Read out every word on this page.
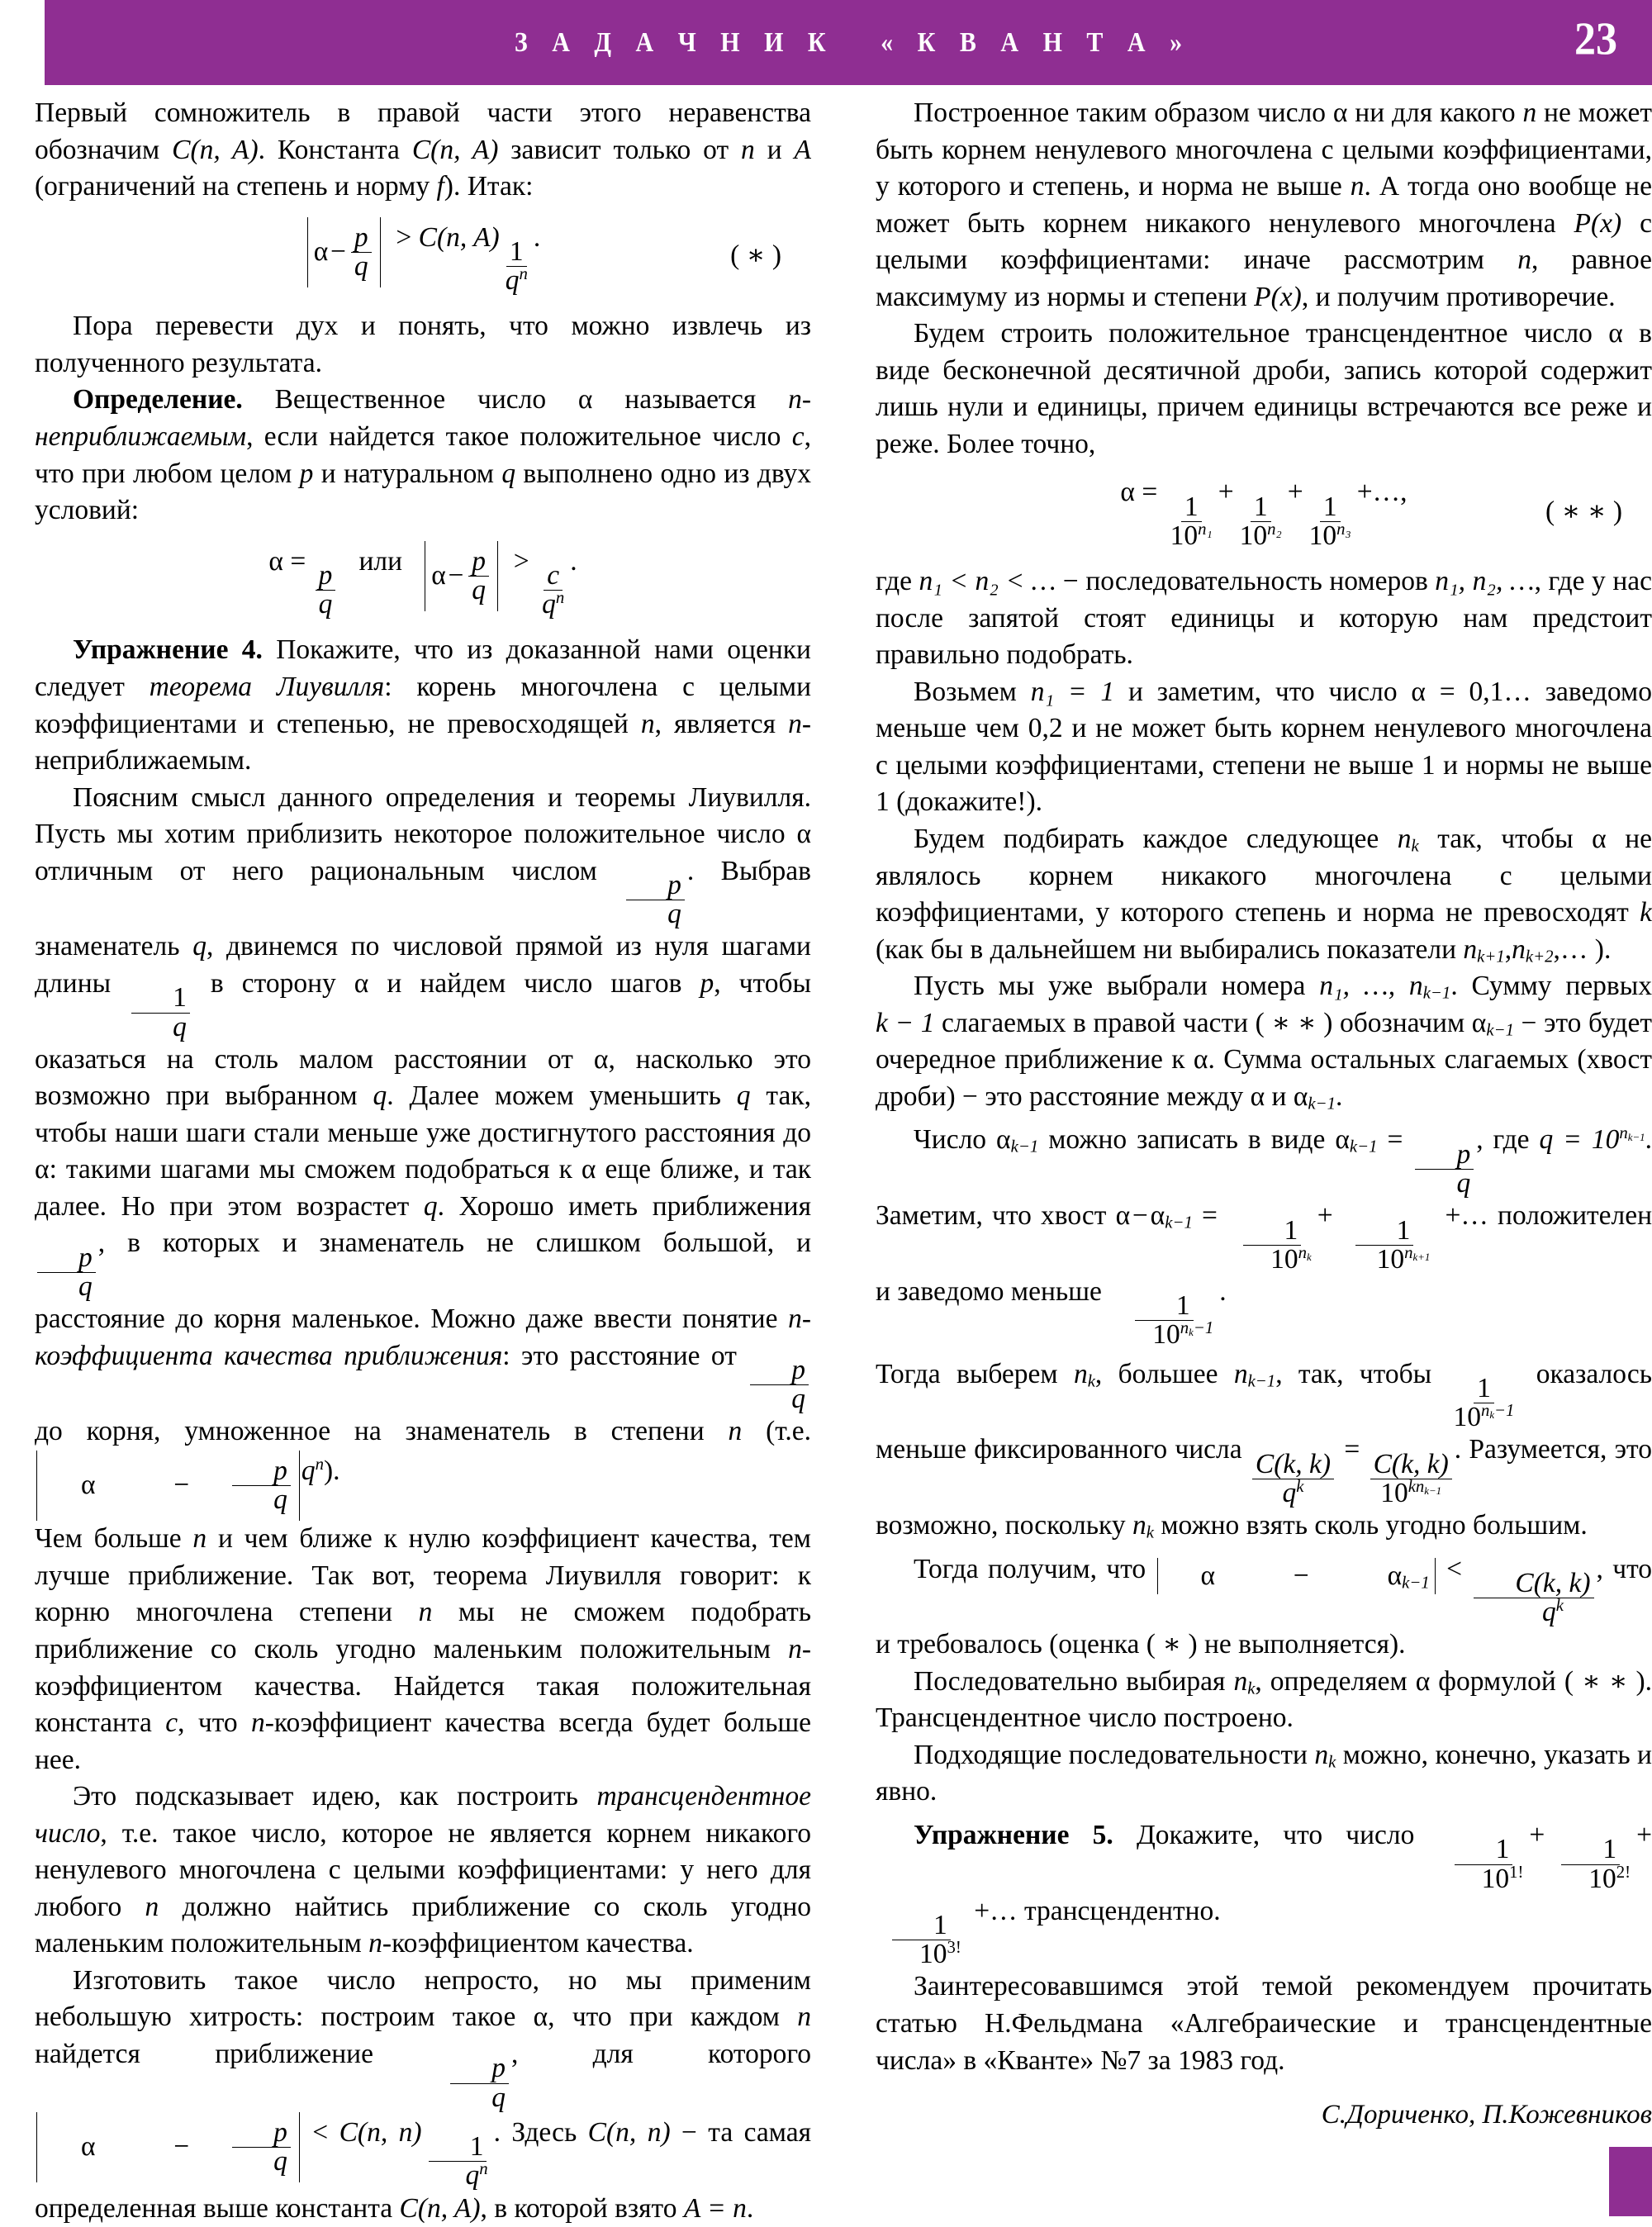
З А Д А Ч Н И К   « К В А Н Т А »	23

Первый сомножитель в правой части этого неравенства обозначим C(n, A). Константа C(n, A) зависит только от n и A (ограничений на степень и норму f). Итак:

α
  −
  $\frac{p}{q} > C(n$, A)
$\frac{1}{q^n}$
.
( ∗ )

Пора перевести дух и понять, что можно извлечь из полученного результата.

Определение. Вещественное число α называется n-неприближаемым, если найдется такое положительное число c, что при любом целом p и натуральном q выполнено одно из двух условий:

α =
$\frac{p}{q}$
или α
  −
  $\frac{p}{q}$ >
$\frac{c}{q^n}$
.

Упражнение 4. Покажите, что из доказанной нами оценки следует теорема Лиувилля: корень многочлена с целыми коэффициентами и степенью, не превосходящей n, является n-неприближаемым.

Поясним смысл данного определения и теоремы Лиувилля. Пусть мы хотим приблизить некоторое положительное число α отличным от него рациональным числом
$\frac{p}{q}$
. Выбрав знаменатель q, двинемся по числовой прямой из нуля шагами длины
$\frac{1}{q}$
в сторону α и найдем число шагов p, чтобы оказаться на столь малом расстоянии от α, насколько это возможно при выбранном q. Далее можем уменьшить q так, чтобы наши шаги стали меньше уже достигнутого расстояния до α: такими шагами мы сможем подобраться к α еще ближе, и так далее. Но при этом возрастет q. Хорошо иметь приближения
$\frac{p}{q}$
, в которых и знаменатель не слишком большой, и расстояние до корня маленькое. Можно даже ввести понятие n-коэффициента качества приближения: это расстояние от
$\frac{p}{q}$
до корня, умноженное на знаменатель в степени n (т.е.
α
 	−
  $\frac{p}{q} q^n$).

Чем больше n и чем ближе к нулю коэффициент качества, тем лучше приближение. Так вот, теорема Лиувилля говорит: к корню многочлена степени n мы не сможем подобрать приближение со сколь угодно маленьким положительным n-коэффициентом качества. Найдется такая положительная константа c, что n-коэффициент качества всегда будет больше нее.

Это подсказывает идею, как построить трансцендентное число, т.е. такое число, которое не является корнем никакого ненулевого многочлена с целыми коэффициентами: у него для любого n должно найтись приближение со сколь угодно маленьким положительным n-коэффициентом качества.

Изготовить такое число непросто, но мы применим небольшую хитрость: построим такое α, что при каждом n найдется приближение
$\frac{p}{q}$
, для которого
α
 	−
  $\frac{p}{q} < C(n$, n)
$\frac{1}{q^n}$
. Здесь C(n, n) − та самая определенная выше константа C(n, A), в которой взято A = n.

Построенное таким образом число α ни для какого n не может быть корнем ненулевого многочлена с целыми коэффициентами, у которого и степень, и норма не выше n. А тогда оно вообще не может быть корнем никакого ненулевого многочлена P(x) с целыми коэффициентами: иначе рассмотрим n, равное максимуму из нормы и степени P(x), и получим противоречие.

Будем строить положительное трансцендентное число α в виде бесконечной десятичной дроби, запись которой содержит лишь нули и единицы, причем единицы встречаются все реже и реже. Более точно,

α =
$\frac{1}{10^{n_1}}$
+
$\frac{1}{10^{n_2}}$
+
$\frac{1}{10^{n_3}}$
+…,
( ∗ ∗ )

где n₁ < n₂ < … − последовательность номеров n₁, n₂, …, где у нас после запятой стоят единицы и которую нам предстоит правильно подобрать.

Возьмем n₁ = 1 и заметим, что число α = 0,1… заведомо меньше чем 0,2 и не может быть корнем ненулевого многочлена с целыми коэффициентами, степени не выше 1 и нормы не выше 1 (докажите!).

Будем подбирать каждое следующее $n_k$ так, чтобы α не являлось корнем никакого многочлена с целыми коэффициентами, у которого степень и норма не превосходят k (как бы в дальнейшем ни выбирались показатели $n_{k+1},n_{k+2},\dots$ ).

Пусть мы уже выбрали номера n₁, …, $n_{k-1}$. Сумму первых k − 1 слагаемых в правой части ( ∗ ∗ ) обозначим $\alpha_{k-1}$ − это будет очередное приближение к α. Сумма остальных слагаемых (хвост дроби) − это расстояние между α и $\alpha_{k-1}$.

Число $\alpha_{k-1}$ можно записать в виде $\alpha_{k-1}$ =
$\frac{p}{q}$
, где $q = 10^{n_{k-1}}$. Заметим, что хвост α − $\alpha_{k-1}$ =
$\frac{1}{10^{n_k}}$
+
$\frac{1}{10^{n_{k+1}}}$
+… положителен и заведомо меньше
$\frac{1}{10^{n_k-1}}$
.

Тогда выберем $n_k$, большее $n_{k-1}$, так, чтобы
$\frac{1}{10^{n_k-1}}$
оказалось меньше фиксированного числа
$\frac{C(k, k)}{q^k}$
=
$\frac{C(k, k)}{10^{kn_{k-1}}}$
. Разумеется, это возможно, поскольку $n_k$ можно взять сколь угодно большим.

Тогда получим, что	α
 	−
 	$\alpha_{k-1}$ <
$\frac{C(k, k)}{q^k}$
, что и требовалось (оценка ( ∗ ) не выполняется).

Последовательно выбирая $n_k$, определяем α формулой ( ∗ ∗ ). Трансцендентное число построено.

Подходящие последовательности $n_k$ можно, конечно, указать и явно.

Упражнение 5. Докажите, что число
$\frac{1}{10^{1!}}$
+
$\frac{1}{10^{2!}}$
+
$\frac{1}{10^{3!}}$
+… трансцендентно.

Заинтересовавшимся этой темой рекомендуем прочитать статью Н.Фельдмана «Алгебраические и трансцендентные числа» в «Кванте» №7 за 1983 год.

С.Дориченко, П.Кожевников
